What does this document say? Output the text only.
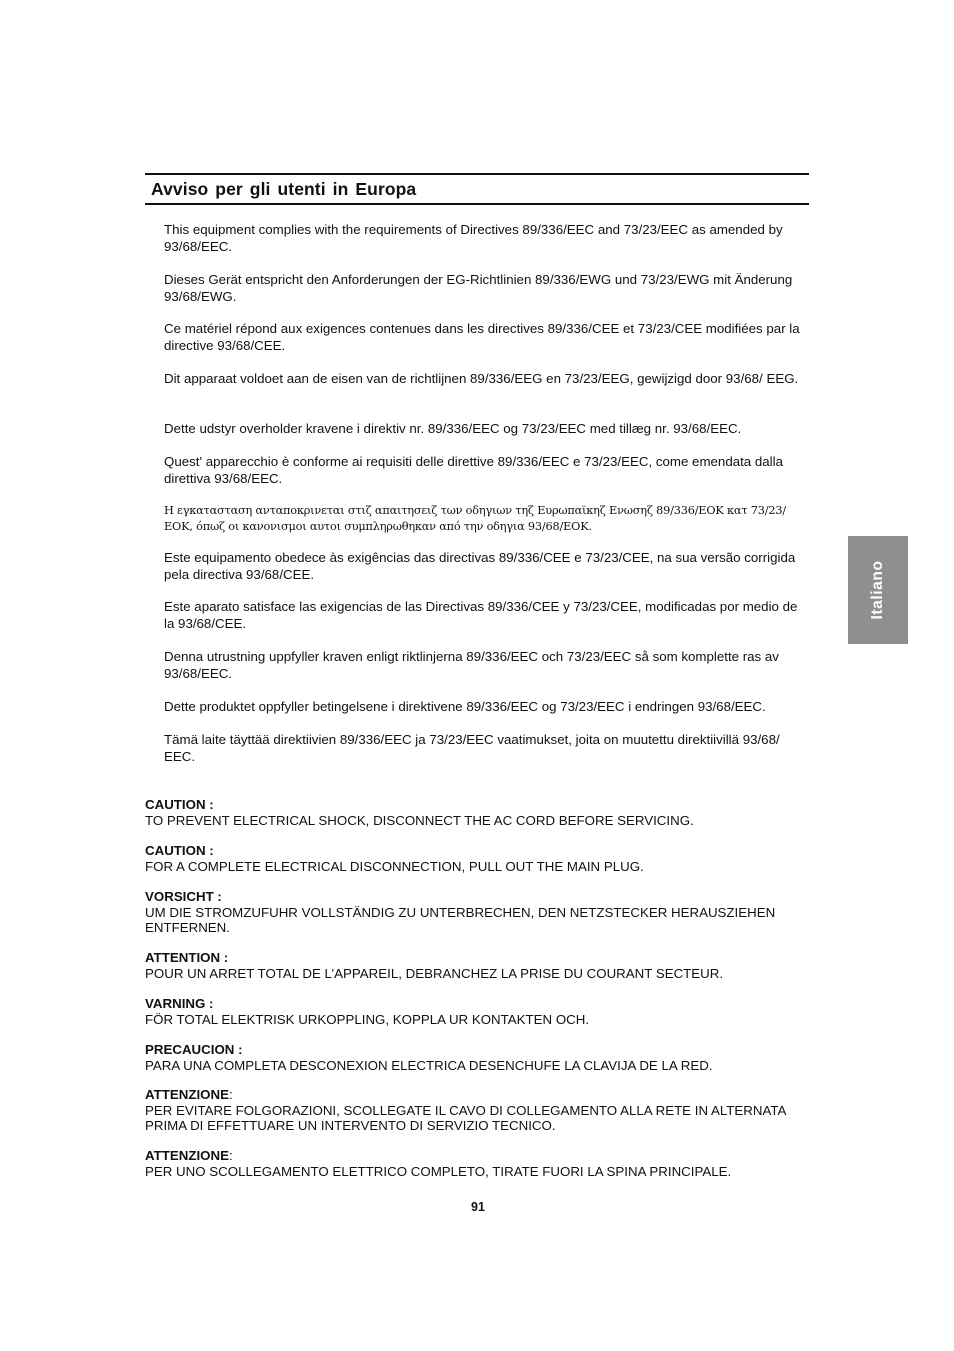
Avviso per gli utenti in Europa

This equipment complies with the requirements of Directives 89/336/EEC and 73/23/EEC as amended by 93/68/EEC.

Dieses Gerät entspricht den Anforderungen der EG-Richtlinien 89/336/EWG und 73/23/EWG mit Änderung 93/68/EWG.

Ce matériel répond aux exigences contenues dans les directives 89/336/CEE et 73/23/CEE modifiées par la directive 93/68/CEE.

Dit apparaat voldoet aan de eisen van de richtlijnen 89/336/EEG en 73/23/EEG, gewijzigd door 93/68/ EEG.

Dette udstyr overholder kravene i direktiv nr. 89/336/EEC og 73/23/EEC med tillæg nr. 93/68/EEC.

Quest' apparecchio è conforme ai requisiti delle direttive 89/336/EEC e 73/23/EEC, come emendata dalla direttiva 93/68/EEC.

Η εγκατασταση ανταποκρινεται στιζ απαιτησειζ των οδηγιων τηζ Ευρωπαϊκηζ Ενωσηζ 89/336/ΕΟΚ κατ 73/23/ΕΟΚ, όπωζ οι κανονισμοι αυτοι συμπληρωθηκαν από την οδηγια 93/68/ΕΟΚ.

Este equipamento obedece às exigências das directivas 89/336/CEE e 73/23/CEE, na sua versão corrigida pela directiva 93/68/CEE.

Este aparato satisface las exigencias de las Directivas 89/336/CEE y 73/23/CEE, modificadas por medio de la 93/68/CEE.

Denna utrustning uppfyller kraven enligt riktlinjerna 89/336/EEC och 73/23/EEC så som komplette ras av 93/68/EEC.

Dette produktet oppfyller betingelsene i direktivene 89/336/EEC og 73/23/EEC i endringen 93/68/EEC.

Tämä laite täyttää direktiivien 89/336/EEC ja 73/23/EEC vaatimukset, joita on muutettu direktiivillä 93/68/ EEC.

CAUTION :
TO PREVENT ELECTRICAL SHOCK, DISCONNECT THE AC CORD BEFORE SERVICING.
CAUTION :
FOR A COMPLETE ELECTRICAL DISCONNECTION, PULL OUT THE MAIN PLUG.
VORSICHT :
UM DIE STROMZUFUHR VOLLSTÄNDIG ZU UNTERBRECHEN, DEN NETZSTECKER HERAUSZIEHEN ENTFERNEN.
ATTENTION :
POUR UN ARRET TOTAL DE L’APPAREIL, DEBRANCHEZ LA PRISE DU COURANT SECTEUR.
VARNING :
FÖR TOTAL ELEKTRISK URKOPPLING, KOPPLA UR KONTAKTEN OCH.
PRECAUCION :
PARA UNA COMPLETA DESCONEXION ELECTRICA DESENCHUFE LA CLAVIJA DE LA RED.
ATTENZIONE:
PER EVITARE FOLGORAZIONI, SCOLLEGATE IL CAVO DI COLLEGAMENTO ALLA RETE IN ALTERNATA PRIMA DI EFFETTUARE UN INTERVENTO DI SERVIZIO TECNICO.
ATTENZIONE:
PER UNO SCOLLEGAMENTO ELETTRICO COMPLETO, TIRATE FUORI LA SPINA PRINCIPALE.
91
Italiano
